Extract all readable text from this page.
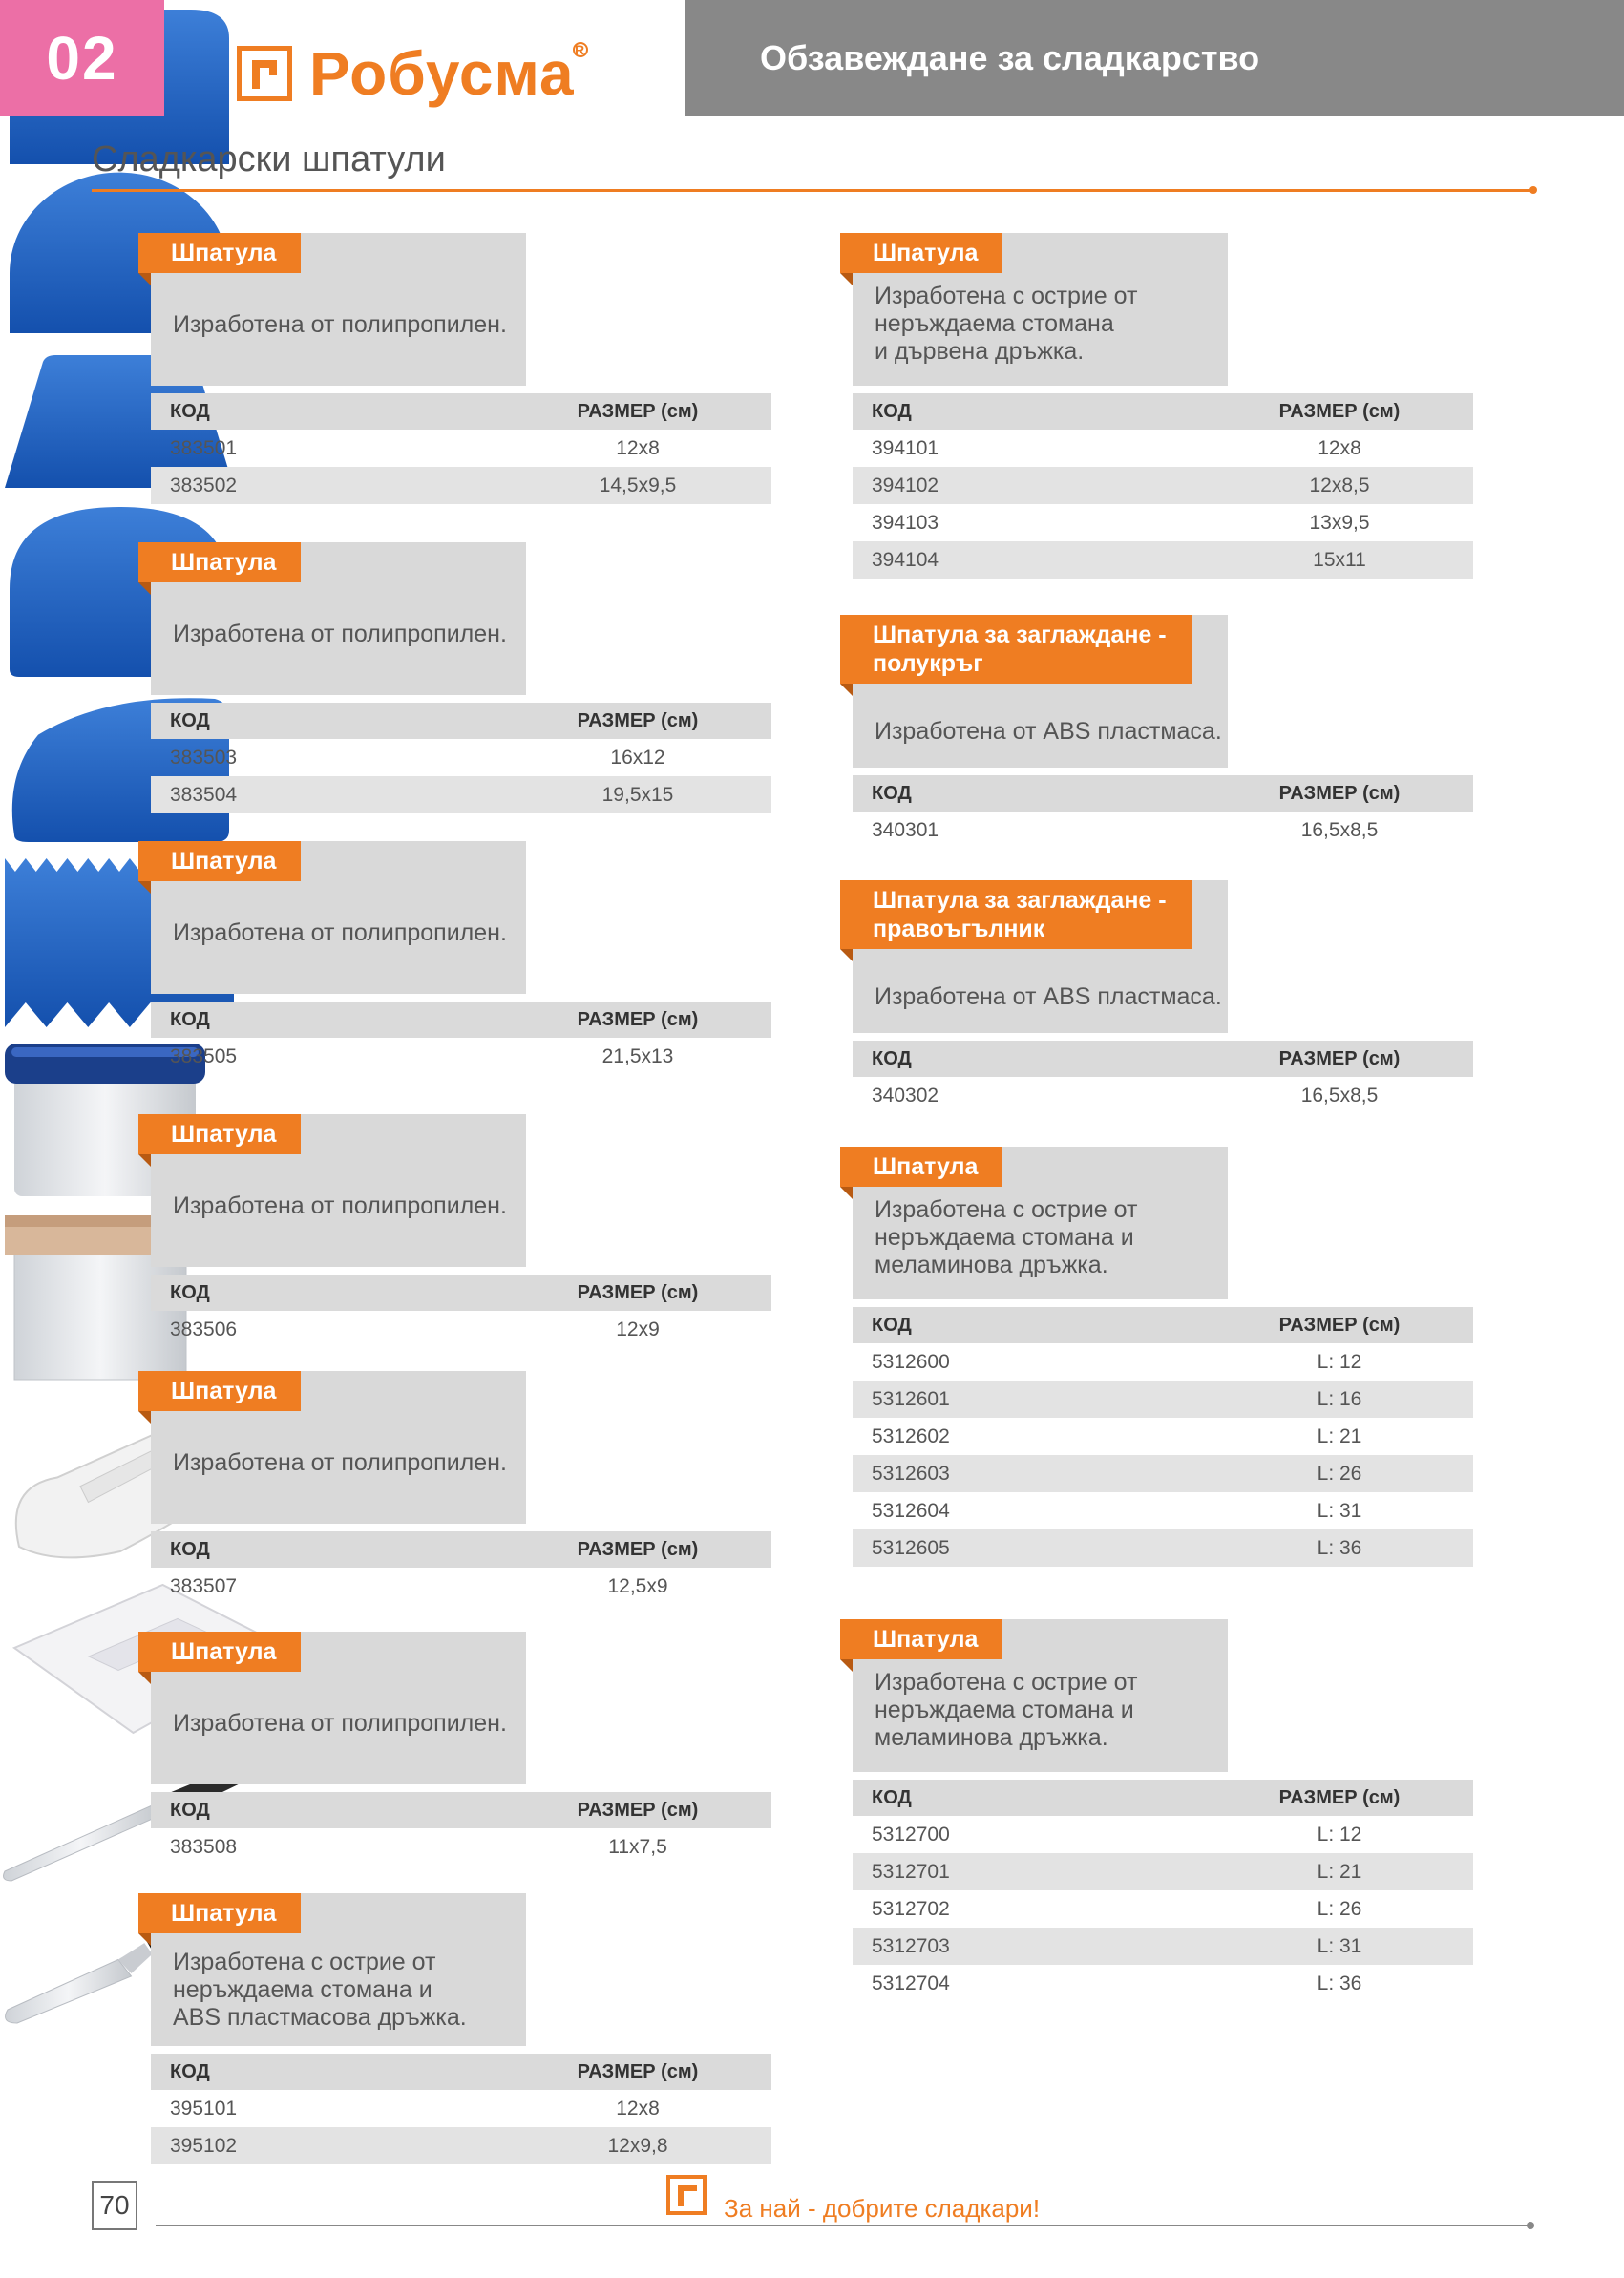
02	Робусма R	Обзавеждане за сладкарство
Сладкарски шпатули
Шпатула
Изработена от полипропилен.
КОД	РАЗМЕР (см)
383501	12x8
383502	14,5x9,5
Шпатула
Изработена от полипропилен.
КОД	РАЗМЕР (см)
383503	16x12
383504	19,5x15
Шпатула
Изработена от полипропилен.
КОД	РАЗМЕР (см)
383505	21,5x13
Шпатула
Изработена от полипропилен.
КОД	РАЗМЕР (см)
383506	12x9
Шпатула
Изработена от полипропилен.
КОД	РАЗМЕР (см)
383507	12,5x9
Шпатула
Изработена от полипропилен.
КОД	РАЗМЕР (см)
383508	11x7,5
Шпатула
Изработена с острие от
неръждаема стомана и
ABS пластмасова дръжка.
КОД	РАЗМЕР (см)
395101	12x8
395102	12x9,8
Шпатула
Изработена с острие от
неръждаема стомана
и дървена дръжка.
КОД	РАЗМЕР (см)
394101	12x8
394102	12x8,5
394103	13x9,5
394104	15x11
Шпатула за заглаждане -
полукръг
Изработена от ABS пластмаса.
КОД	РАЗМЕР (см)
340301	16,5x8,5
Шпатула за заглаждане -
правоъгълник
Изработена от ABS пластмаса.
КОД	РАЗМЕР (см)
340302	16,5x8,5
Шпатула
Изработена с острие от
неръждаема стомана и
меламинова дръжка.
КОД	РАЗМЕР (см)
5312600	L: 12
5312601	L: 16
5312602	L: 21
5312603	L: 26
5312604	L: 31
5312605	L: 36
Шпатула
Изработена с острие от
неръждаема стомана и
меламинова дръжка.
КОД	РАЗМЕР (см)
5312700	L: 12
5312701	L: 21
5312702	L: 26
5312703	L: 31
5312704	L: 36
70	За най - добрите сладкари!
